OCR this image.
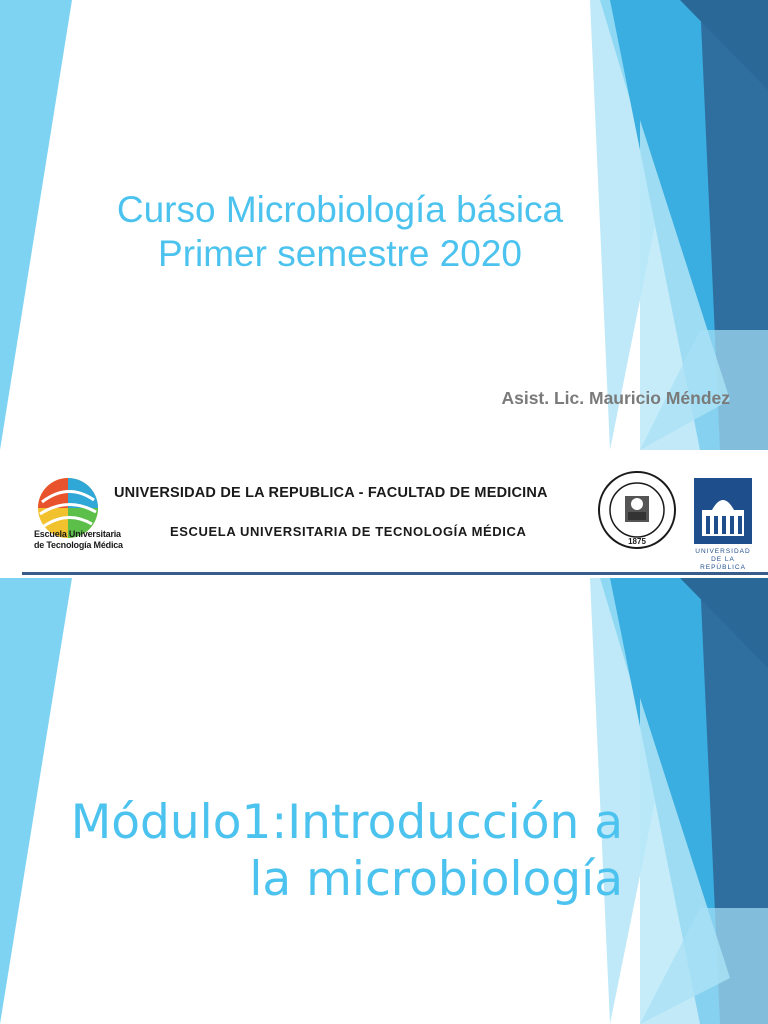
Curso Microbiología básica
Primer semestre 2020
Asist. Lic. Mauricio Méndez
Escuela Universitaria
de Tecnología Médica
UNIVERSIDAD DE LA REPUBLICA - FACULTAD DE MEDICINA
ESCUELA UNIVERSITARIA DE TECNOLOGÍA MÉDICA
1875
UNIVERSIDAD
DE LA REPÚBLICA
Módulo1:Introducción a
la microbiología
